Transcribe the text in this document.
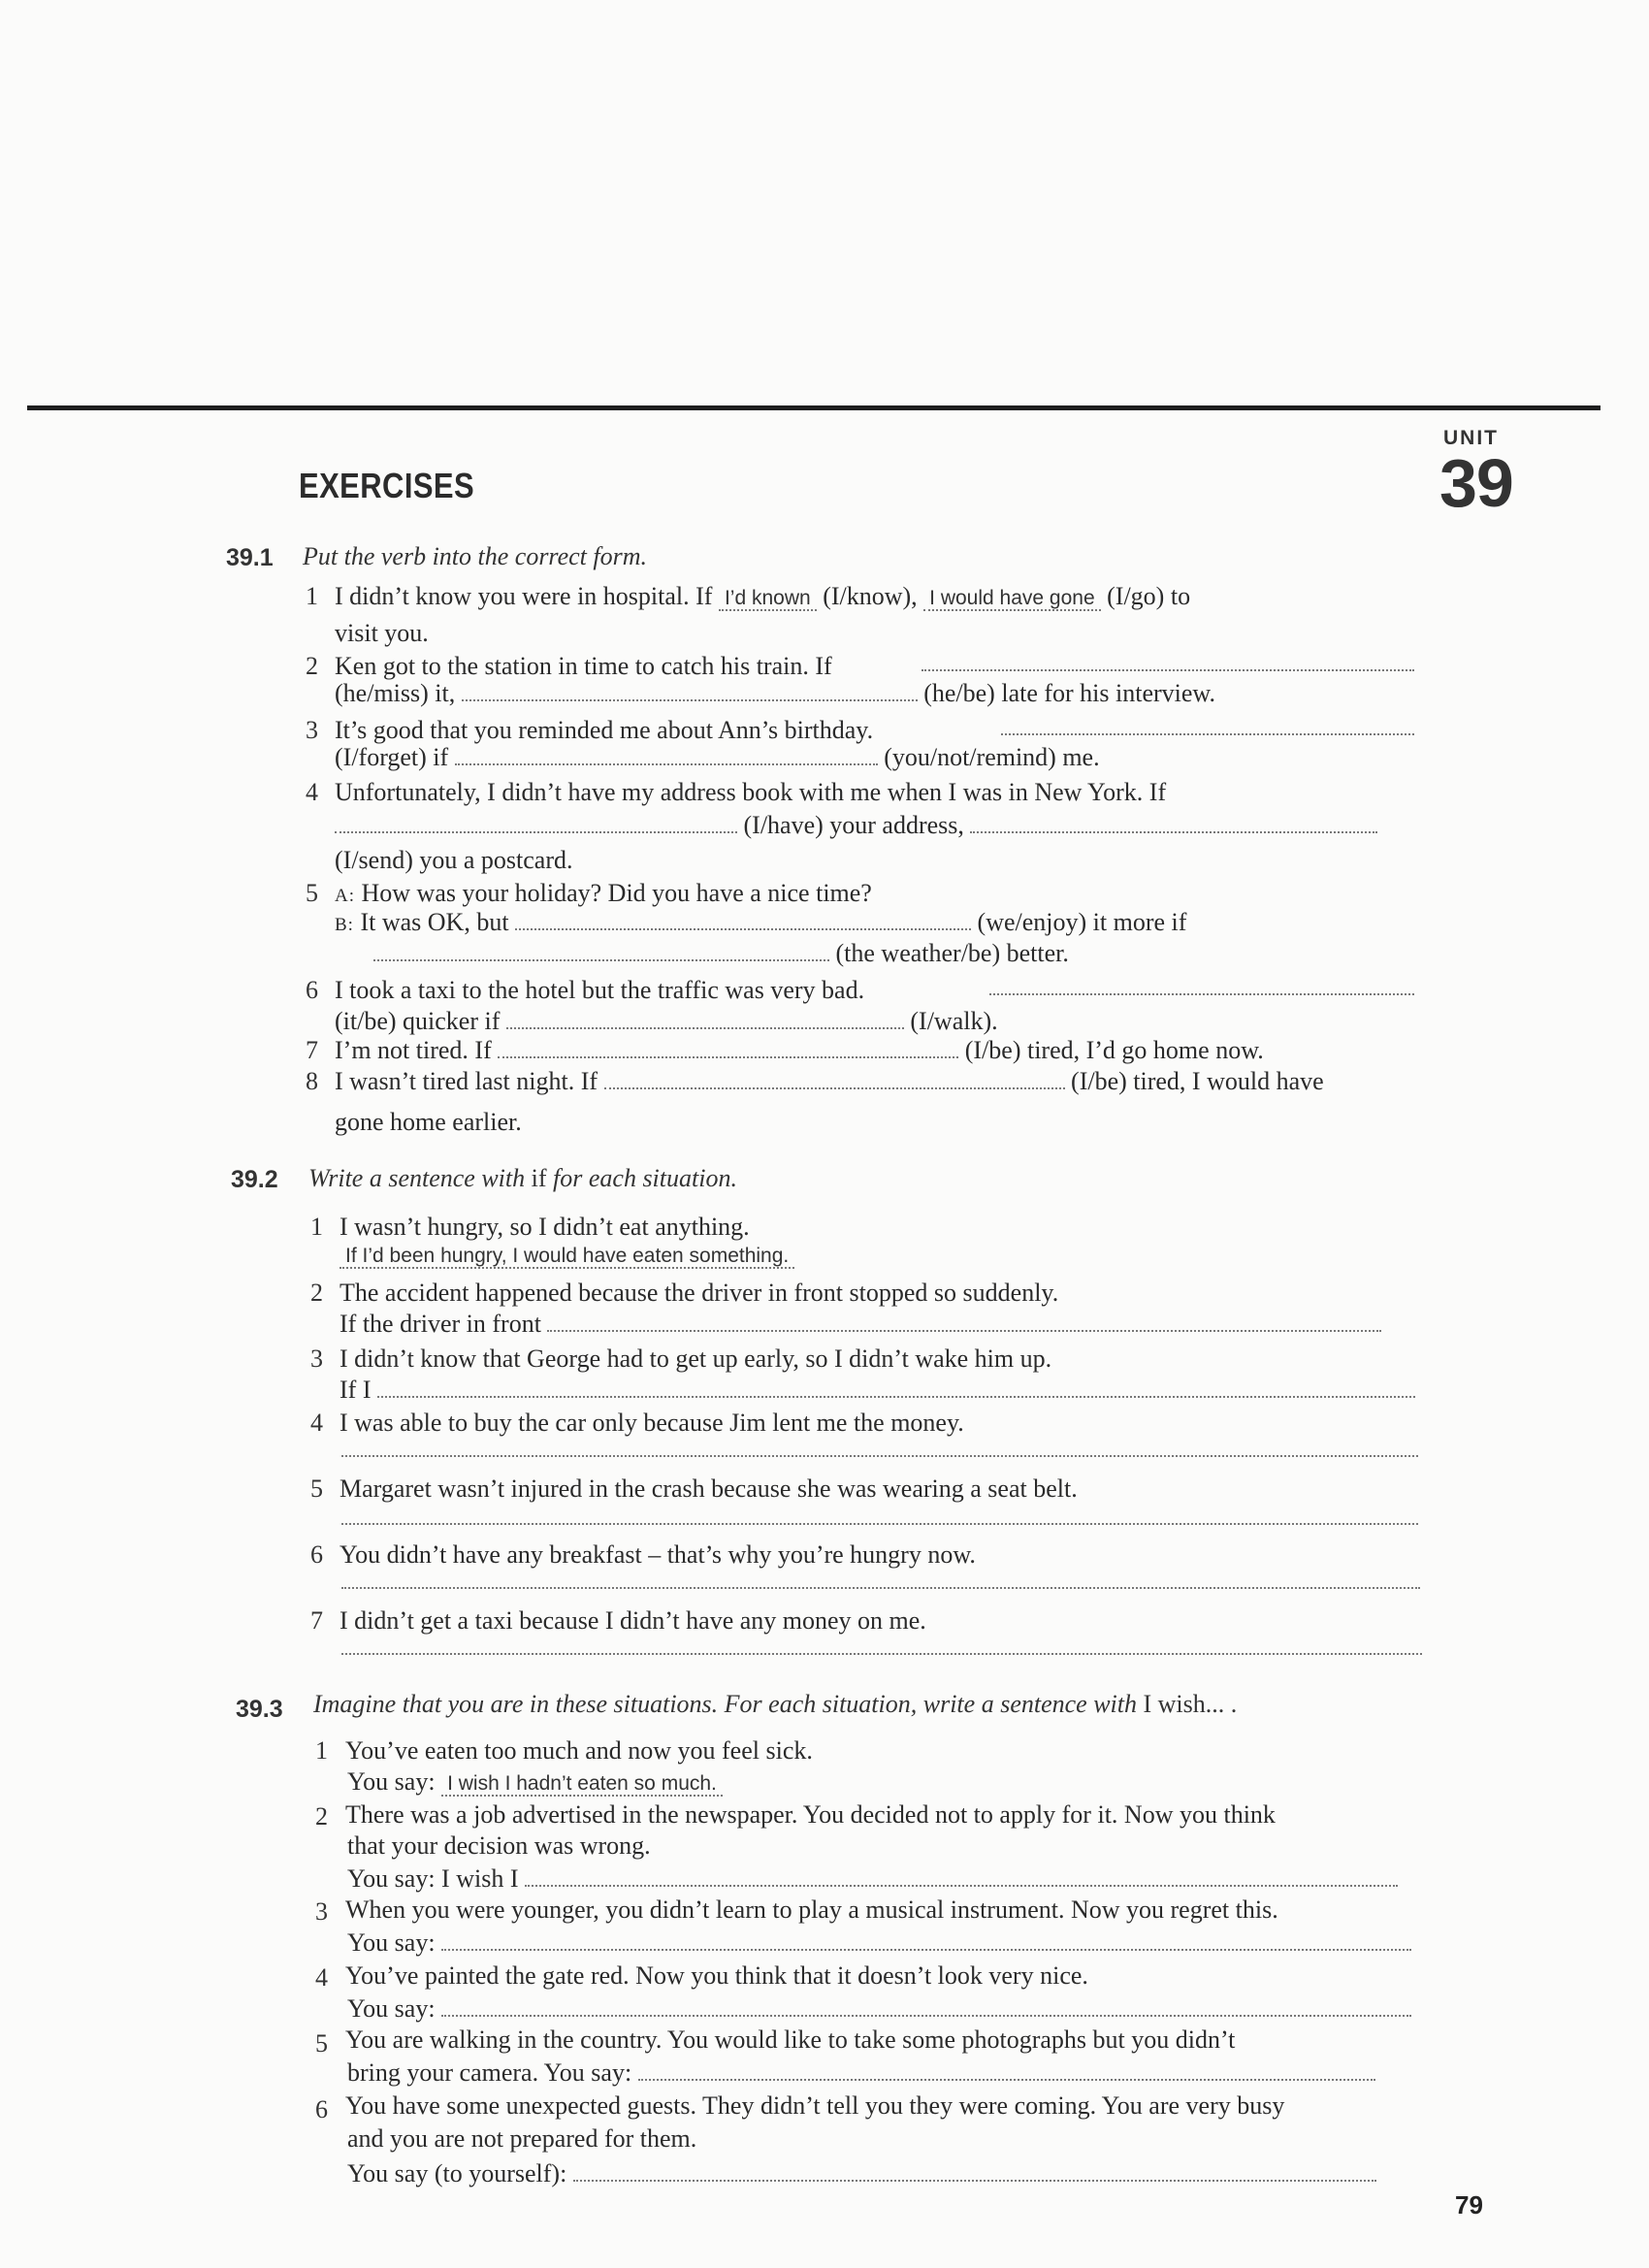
EXERCISES
UNIT
39
39.1 Put the verb into the correct form.
1 I didn’t know you were in hospital. If I’d known (I/know), I would have gone (I/go) to
visit you.
2 Ken got to the station in time to catch his train. If
(he/miss) it,	(he/be) late for his interview.
3 It’s good that you reminded me about Ann’s birthday.
(I/forget) if	(you/not/remind) me.
4 Unfortunately, I didn’t have my address book with me when I was in New York. If
(I/have) your address,
(I/send) you a postcard.
5 A: How was your holiday? Did you have a nice time?
B: It was OK, but	(we/enjoy) it more if
(the weather/be) better.
6 I took a taxi to the hotel but the traffic was very bad.
(it/be) quicker if	(I/walk).
7 I’m not tired. If	(I/be) tired, I’d go home now.
8 I wasn’t tired last night. If	(I/be) tired, I would have
gone home earlier.
39.2 Write a sentence with if for each situation.
1 I wasn’t hungry, so I didn’t eat anything.
If I’d been hungry, I would have eaten something.
2 The accident happened because the driver in front stopped so suddenly.
If the driver in front
3 I didn’t know that George had to get up early, so I didn’t wake him up.
If I
4 I was able to buy the car only because Jim lent me the money.
5 Margaret wasn’t injured in the crash because she was wearing a seat belt.
6 You didn’t have any breakfast – that’s why you’re hungry now.
7 I didn’t get a taxi because I didn’t have any money on me.
39.3 Imagine that you are in these situations. For each situation, write a sentence with I wish... .
1 You’ve eaten too much and now you feel sick.
You say: I wish I hadn’t eaten so much.
2 There was a job advertised in the newspaper. You decided not to apply for it. Now you think
that your decision was wrong.
You say: I wish I
3 When you were younger, you didn’t learn to play a musical instrument. Now you regret this.
You say:
4 You’ve painted the gate red. Now you think that it doesn’t look very nice.
You say:
5 You are walking in the country. You would like to take some photographs but you didn’t
bring your camera. You say:
6 You have some unexpected guests. They didn’t tell you they were coming. You are very busy
and you are not prepared for them.
You say (to yourself):
79
